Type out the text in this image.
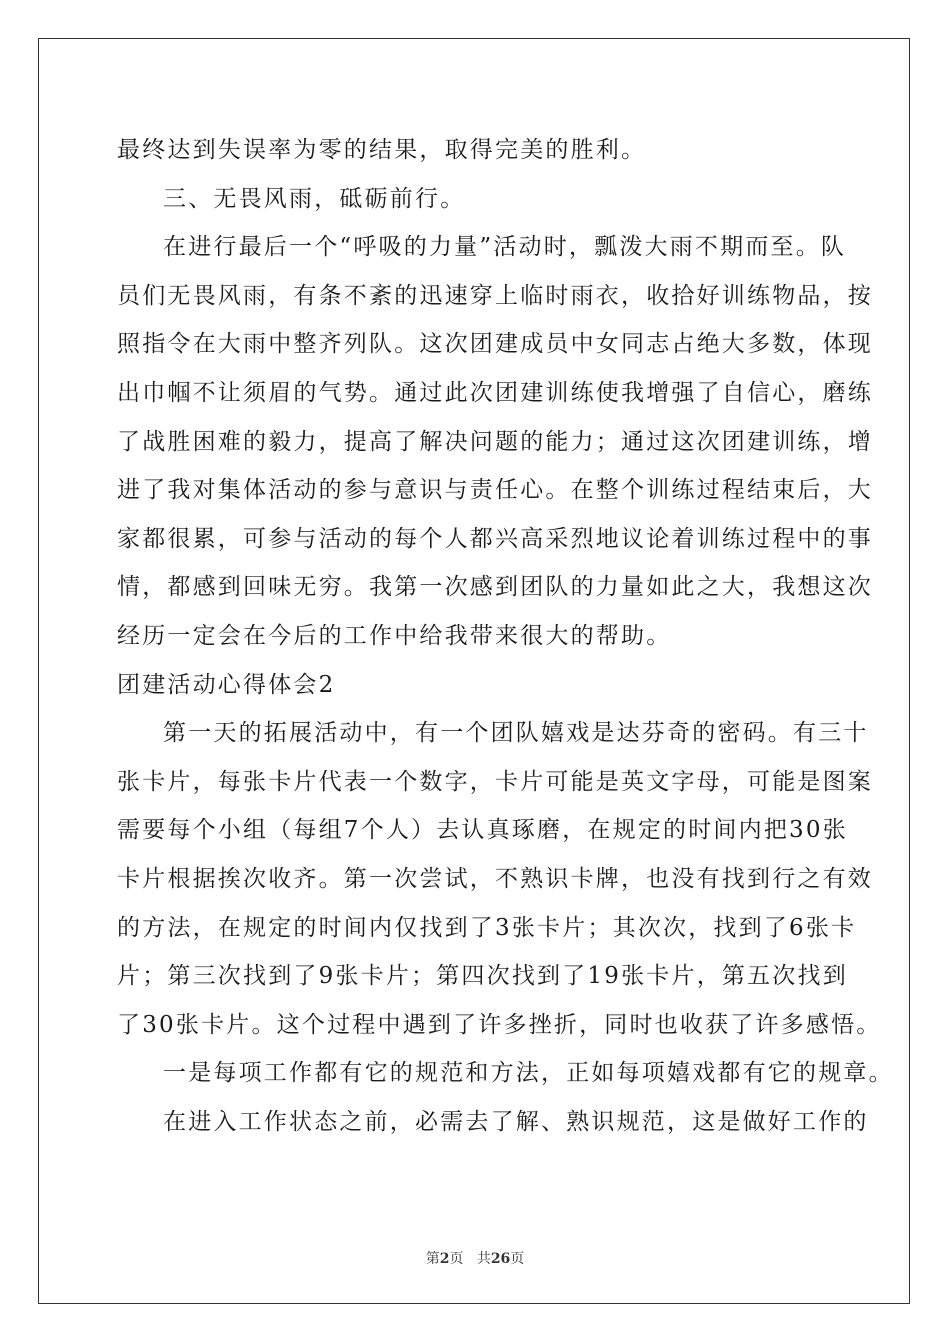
最终达到失误率为零的结果，取得完美的胜利。
三、无畏风雨，砥砺前行。
在进行最后一个“呼吸的力量”活动时，瓢泼大雨不期而至。队
员们无畏风雨，有条不紊的迅速穿上临时雨衣，收拾好训练物品，按
照指令在大雨中整齐列队。这次团建成员中女同志占绝大多数，体现
出巾帼不让须眉的气势。通过此次团建训练使我增强了自信心，磨练
了战胜困难的毅力，提高了解决问题的能力；通过这次团建训练，增
进了我对集体活动的参与意识与责任心。在整个训练过程结束后，大
家都很累，可参与活动的每个人都兴高采烈地议论着训练过程中的事
情，都感到回味无穷。我第一次感到团队的力量如此之大，我想这次
经历一定会在今后的工作中给我带来很大的帮助。
团建活动心得体会2
第一天的拓展活动中，有一个团队嬉戏是达芬奇的密码。有三十
张卡片，每张卡片代表一个数字，卡片可能是英文字母，可能是图案
需要每个小组（每组7个人）去认真琢磨，在规定的时间内把30张
卡片根据挨次收齐。第一次尝试，不熟识卡牌，也没有找到行之有效
的方法，在规定的时间内仅找到了3张卡片；其次次，找到了6张卡
片；第三次找到了9张卡片；第四次找到了19张卡片，第五次找到
了30张卡片。这个过程中遇到了许多挫折，同时也收获了许多感悟。
一是每项工作都有它的规范和方法，正如每项嬉戏都有它的规章。
在进入工作状态之前，必需去了解、熟识规范，这是做好工作的
第2页 共26页
